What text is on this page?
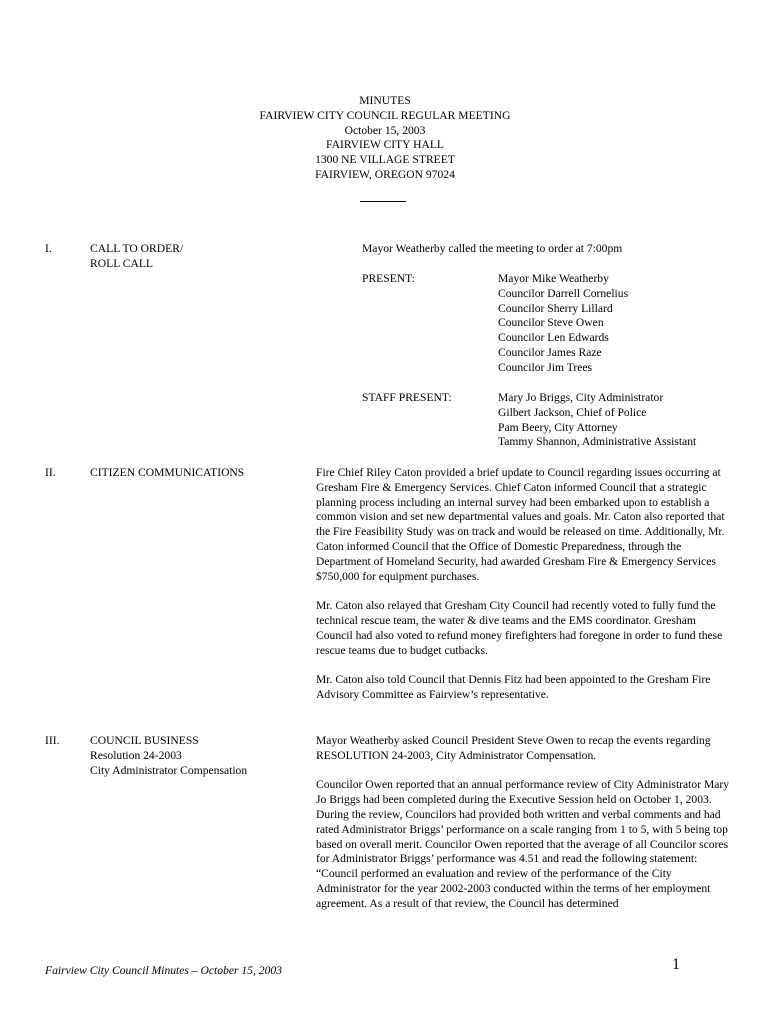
MINUTES
FAIRVIEW CITY COUNCIL REGULAR MEETING
October 15, 2003
FAIRVIEW CITY HALL
1300 NE VILLAGE STREET
FAIRVIEW, OREGON 97024
I.	CALL TO ORDER/
ROLL CALL
Mayor Weatherby called the meeting to order at 7:00pm
PRESENT:	Mayor Mike Weatherby
Councilor Darrell Cornelius
Councilor Sherry Lillard
Councilor Steve Owen
Councilor Len Edwards
Councilor James Raze
Councilor Jim Trees
STAFF PRESENT:	Mary Jo Briggs, City Administrator
Gilbert Jackson, Chief of Police
Pam Beery, City Attorney
Tammy Shannon, Administrative Assistant
II.	CITIZEN COMMUNICATIONS	Fire Chief Riley Caton provided a brief update to Council regarding issues occurring at Gresham Fire & Emergency Services. Chief Caton informed Council that a strategic planning process including an internal survey had been embarked upon to establish a common vision and set new departmental values and goals. Mr. Caton also reported that the Fire Feasibility Study was on track and would be released on time. Additionally, Mr. Caton informed Council that the Office of Domestic Preparedness, through the Department of Homeland Security, had awarded Gresham Fire & Emergency Services $750,000 for equipment purchases.

Mr. Caton also relayed that Gresham City Council had recently voted to fully fund the technical rescue team, the water & dive teams and the EMS coordinator. Gresham Council had also voted to refund money firefighters had foregone in order to fund these rescue teams due to budget cutbacks.

Mr. Caton also told Council that Dennis Fitz had been appointed to the Gresham Fire Advisory Committee as Fairview’s representative.

III.	COUNCIL BUSINESS
Resolution 24-2003
City Administrator Compensation

Mayor Weatherby asked Council President Steve Owen to recap the events regarding RESOLUTION 24-2003, City Administrator Compensation.

Councilor Owen reported that an annual performance review of City Administrator Mary Jo Briggs had been completed during the Executive Session held on October 1, 2003. During the review, Councilors had provided both written and verbal comments and had rated Administrator Briggs’ performance on a scale ranging from 1 to 5, with 5 being top based on overall merit. Councilor Owen reported that the average of all Councilor scores for Administrator Briggs’ performance was 4.51 and read the following statement: “Council performed an evaluation and review of the performance of the City Administrator for the year 2002-2003 conducted within the terms of her employment agreement. As a result of that review, the Council has determined

Fairview City Council Minutes – October 15, 2003	1
